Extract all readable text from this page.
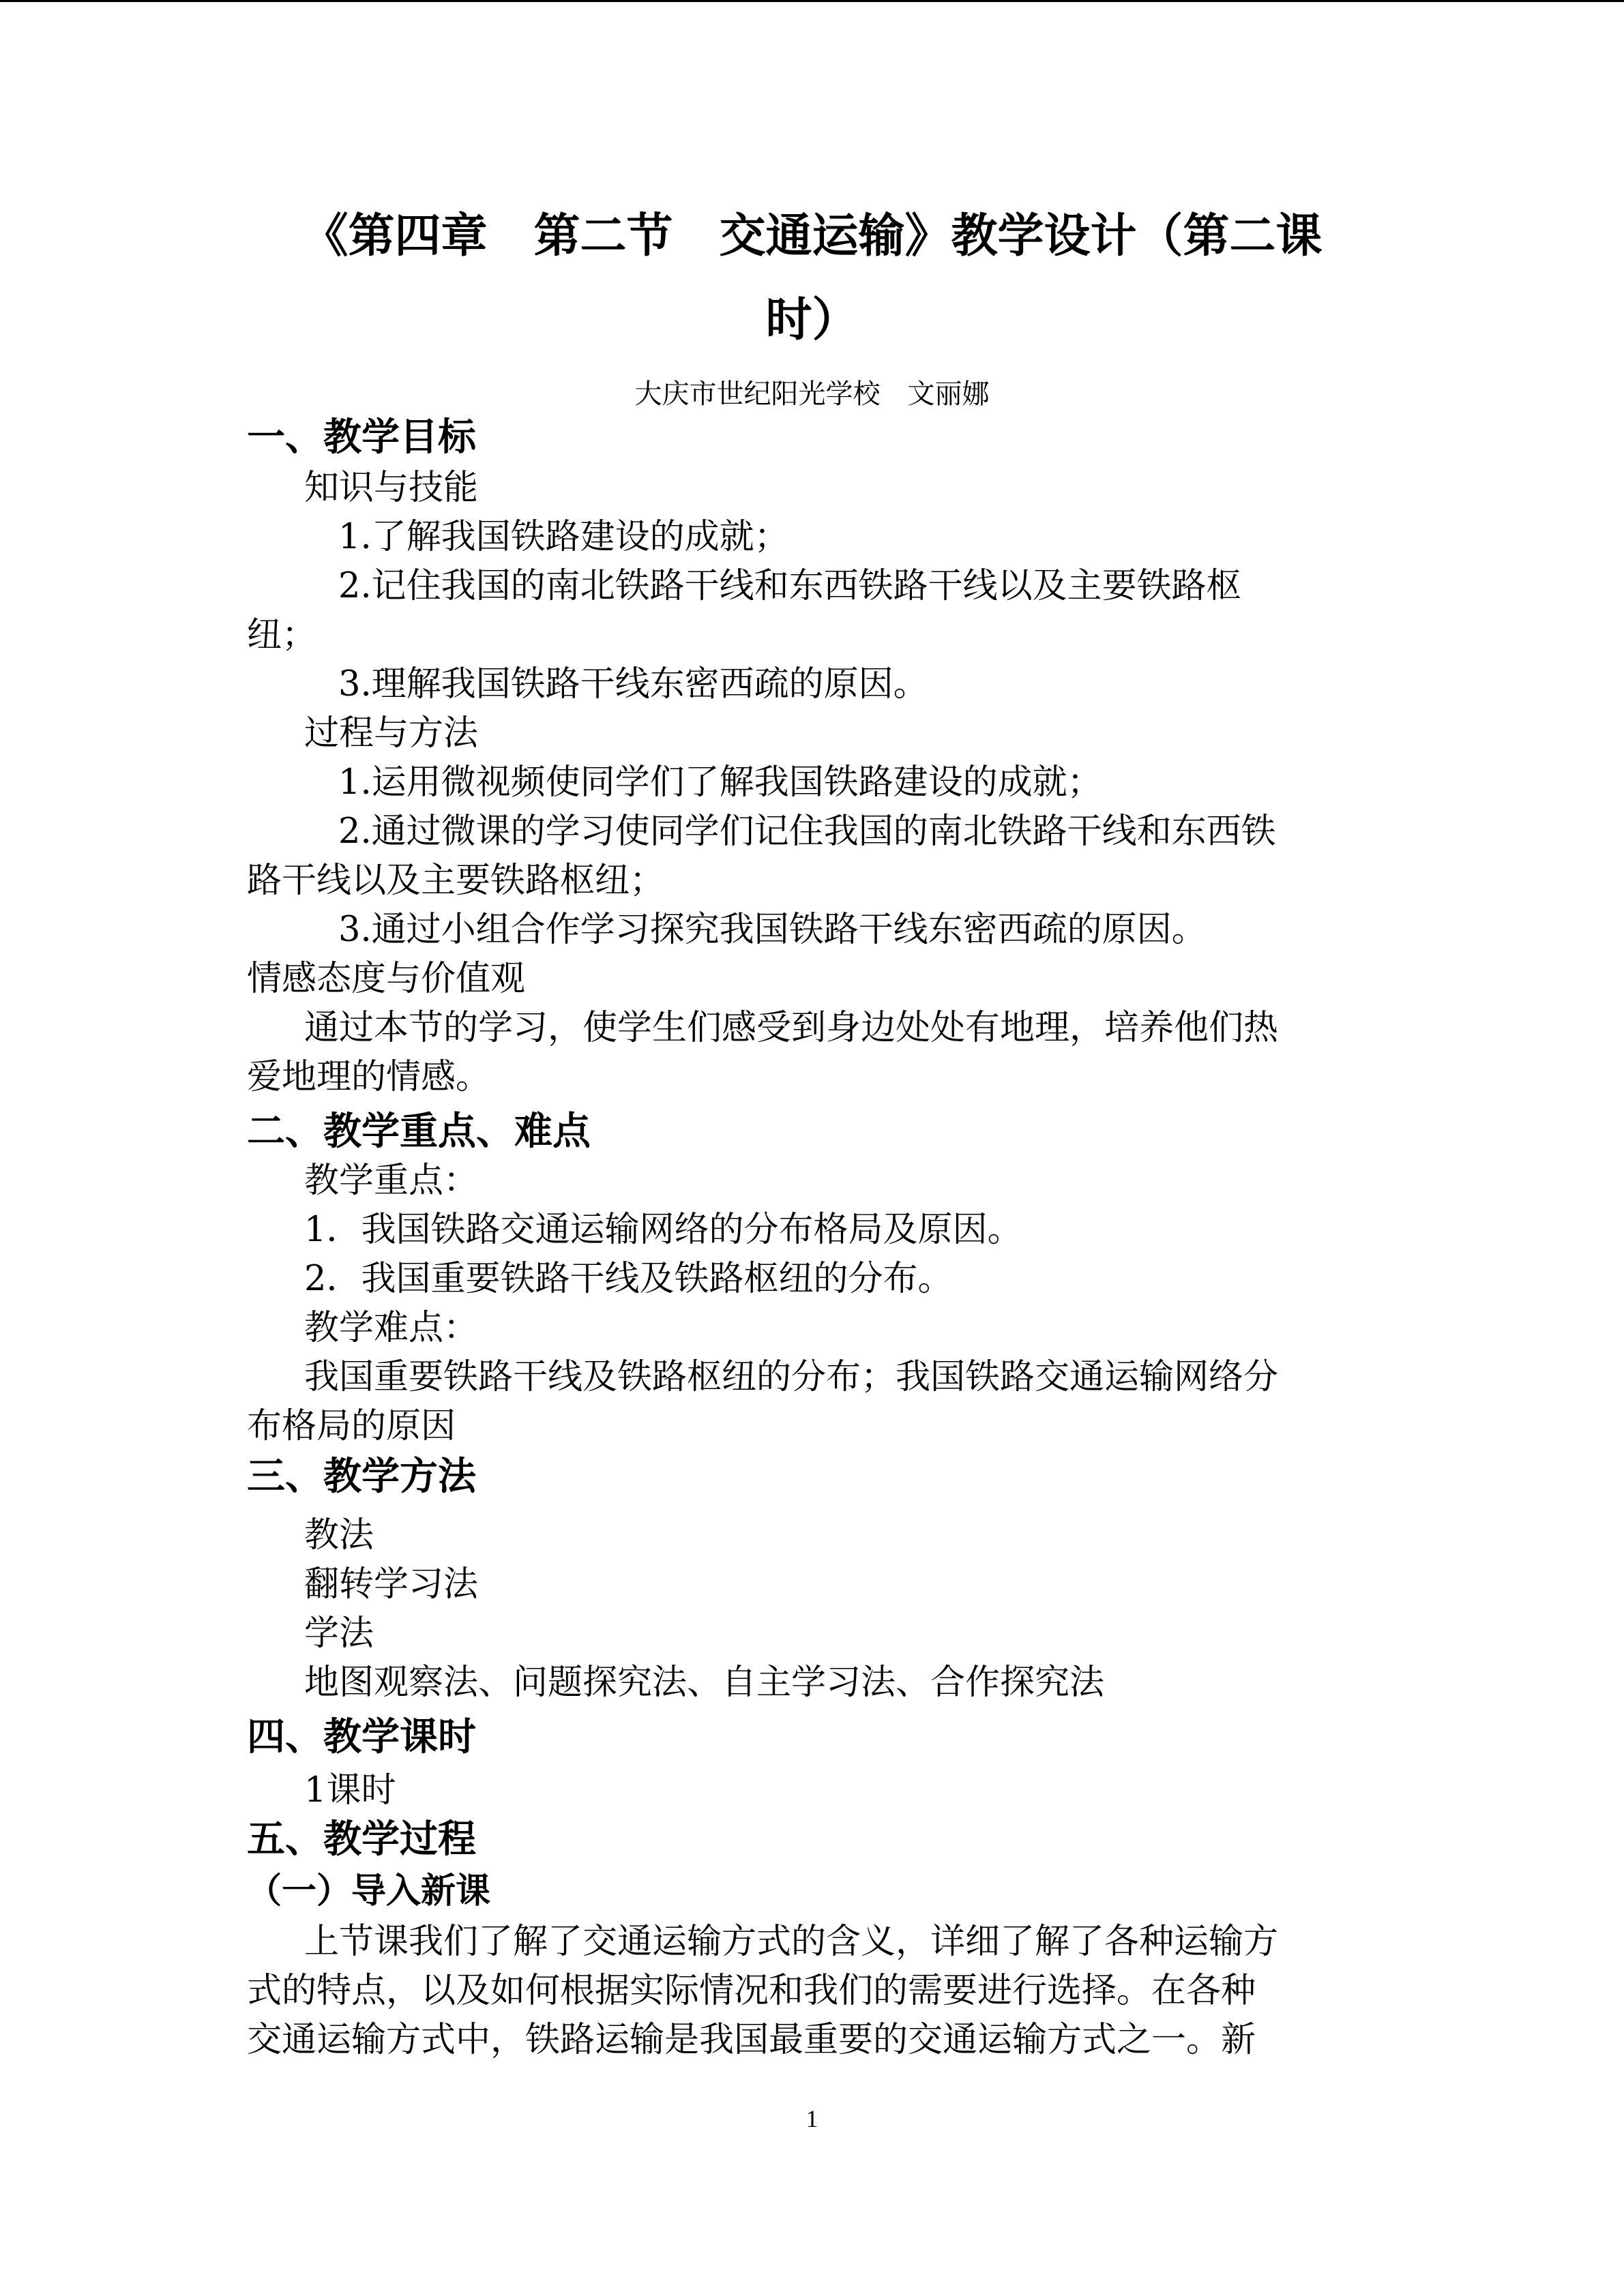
《第四章　第二节　交通运输》教学设计（第二课
时）
大庆市世纪阳光学校　文丽娜
一、教学目标
知识与技能
1.了解我国铁路建设的成就；
2.记住我国的南北铁路干线和东西铁路干线以及主要铁路枢
纽；
3.理解我国铁路干线东密西疏的原因。
过程与方法
1.运用微视频使同学们了解我国铁路建设的成就；
2.通过微课的学习使同学们记住我国的南北铁路干线和东西铁
路干线以及主要铁路枢纽；
3.通过小组合作学习探究我国铁路干线东密西疏的原因。
情感态度与价值观
通过本节的学习，使学生们感受到身边处处有地理，培养他们热
爱地理的情感。
二、教学重点、难点
教学重点：
1．我国铁路交通运输网络的分布格局及原因。
2．我国重要铁路干线及铁路枢纽的分布。
教学难点：
我国重要铁路干线及铁路枢纽的分布；我国铁路交通运输网络分
布格局的原因
三、教学方法
教法
翻转学习法
学法
地图观察法、问题探究法、自主学习法、合作探究法
四、教学课时
1课时
五、教学过程
（一）导入新课
上节课我们了解了交通运输方式的含义，详细了解了各种运输方
式的特点，以及如何根据实际情况和我们的需要进行选择。在各种
交通运输方式中，铁路运输是我国最重要的交通运输方式之一。新
1
